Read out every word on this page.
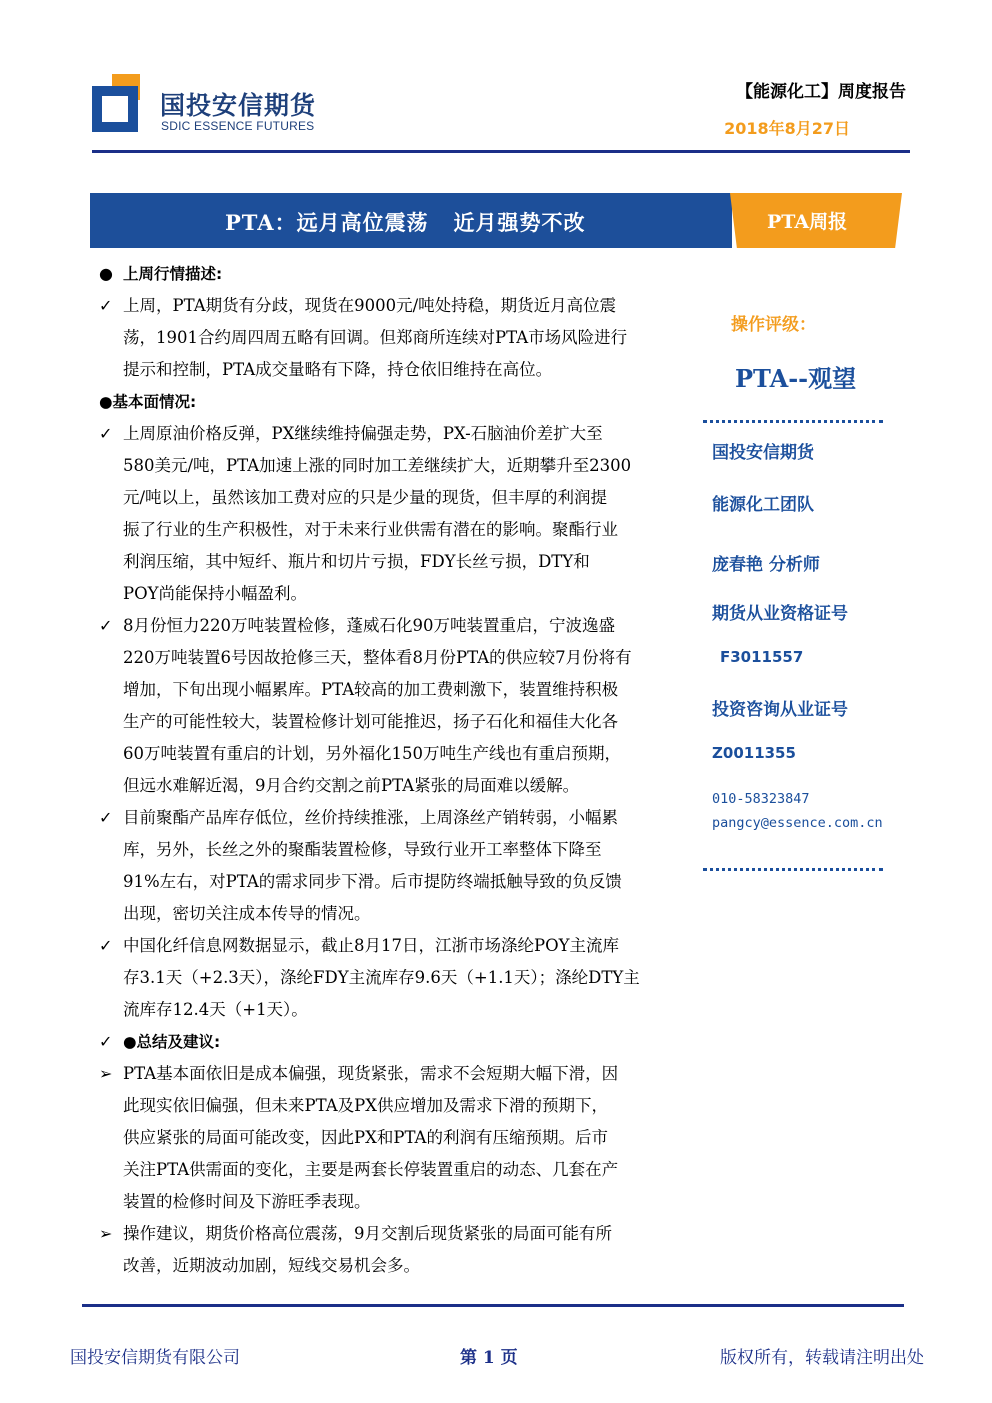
国投安信期货
SDIC ESSENCE FUTURES
【能源化工】周度报告
2018年8月27日
PTA：远月高位震荡   近月强势不改	PTA周报
● 上周行情描述:
✓ 上周，PTA期货有分歧，现货在9000元/吨处持稳，期货近月高位震
荡，1901合约周四周五略有回调。但郑商所连续对PTA市场风险进行
提示和控制，PTA成交量略有下降，持仓依旧维持在高位。
●基本面情况:
✓ 上周原油价格反弹，PX继续维持偏强走势，PX-石脑油价差扩大至
580美元/吨，PTA加速上涨的同时加工差继续扩大，近期攀升至2300
元/吨以上，虽然该加工费对应的只是少量的现货，但丰厚的利润提
振了行业的生产积极性，对于未来行业供需有潜在的影响。聚酯行业
利润压缩，其中短纤、瓶片和切片亏损，FDY长丝亏损，DTY和
POY尚能保持小幅盈利。
✓ 8月份恒力220万吨装置检修，蓬威石化90万吨装置重启，宁波逸盛
220万吨装置6号因故抢修三天，整体看8月份PTA的供应较7月份将有
增加，下旬出现小幅累库。PTA较高的加工费刺激下，装置维持积极
生产的可能性较大，装置检修计划可能推迟，扬子石化和福佳大化各
60万吨装置有重启的计划，另外福化150万吨生产线也有重启预期，
但远水难解近渴，9月合约交割之前PTA紧张的局面难以缓解。
✓ 目前聚酯产品库存低位，丝价持续推涨，上周涤丝产销转弱，小幅累
库，另外，长丝之外的聚酯装置检修，导致行业开工率整体下降至
91%左右，对PTA的需求同步下滑。后市提防终端抵触导致的负反馈
出现，密切关注成本传导的情况。
✓ 中国化纤信息网数据显示，截止8月17日，江浙市场涤纶POY主流库
存3.1天（+2.3天），涤纶FDY主流库存9.6天（+1.1天）；涤纶DTY主
流库存12.4天（+1天）。
✓ ●总结及建议:
➢ PTA基本面依旧是成本偏强，现货紧张，需求不会短期大幅下滑，因
此现实依旧偏强，但未来PTA及PX供应增加及需求下滑的预期下，
供应紧张的局面可能改变，因此PX和PTA的利润有压缩预期。后市
关注PTA供需面的变化，主要是两套长停装置重启的动态、几套在产
装置的检修时间及下游旺季表现。
➢ 操作建议，期货价格高位震荡，9月交割后现货紧张的局面可能有所
改善，近期波动加剧，短线交易机会多。
操作评级：
PTA--观望
国投安信期货
能源化工团队
庞春艳 分析师
期货从业资格证号
F3011557
投资咨询从业证号
Z0011355
010-58323847
pangcy@essence.com.cn
国投安信期货有限公司	第 1 页	版权所有，转载请注明出处
